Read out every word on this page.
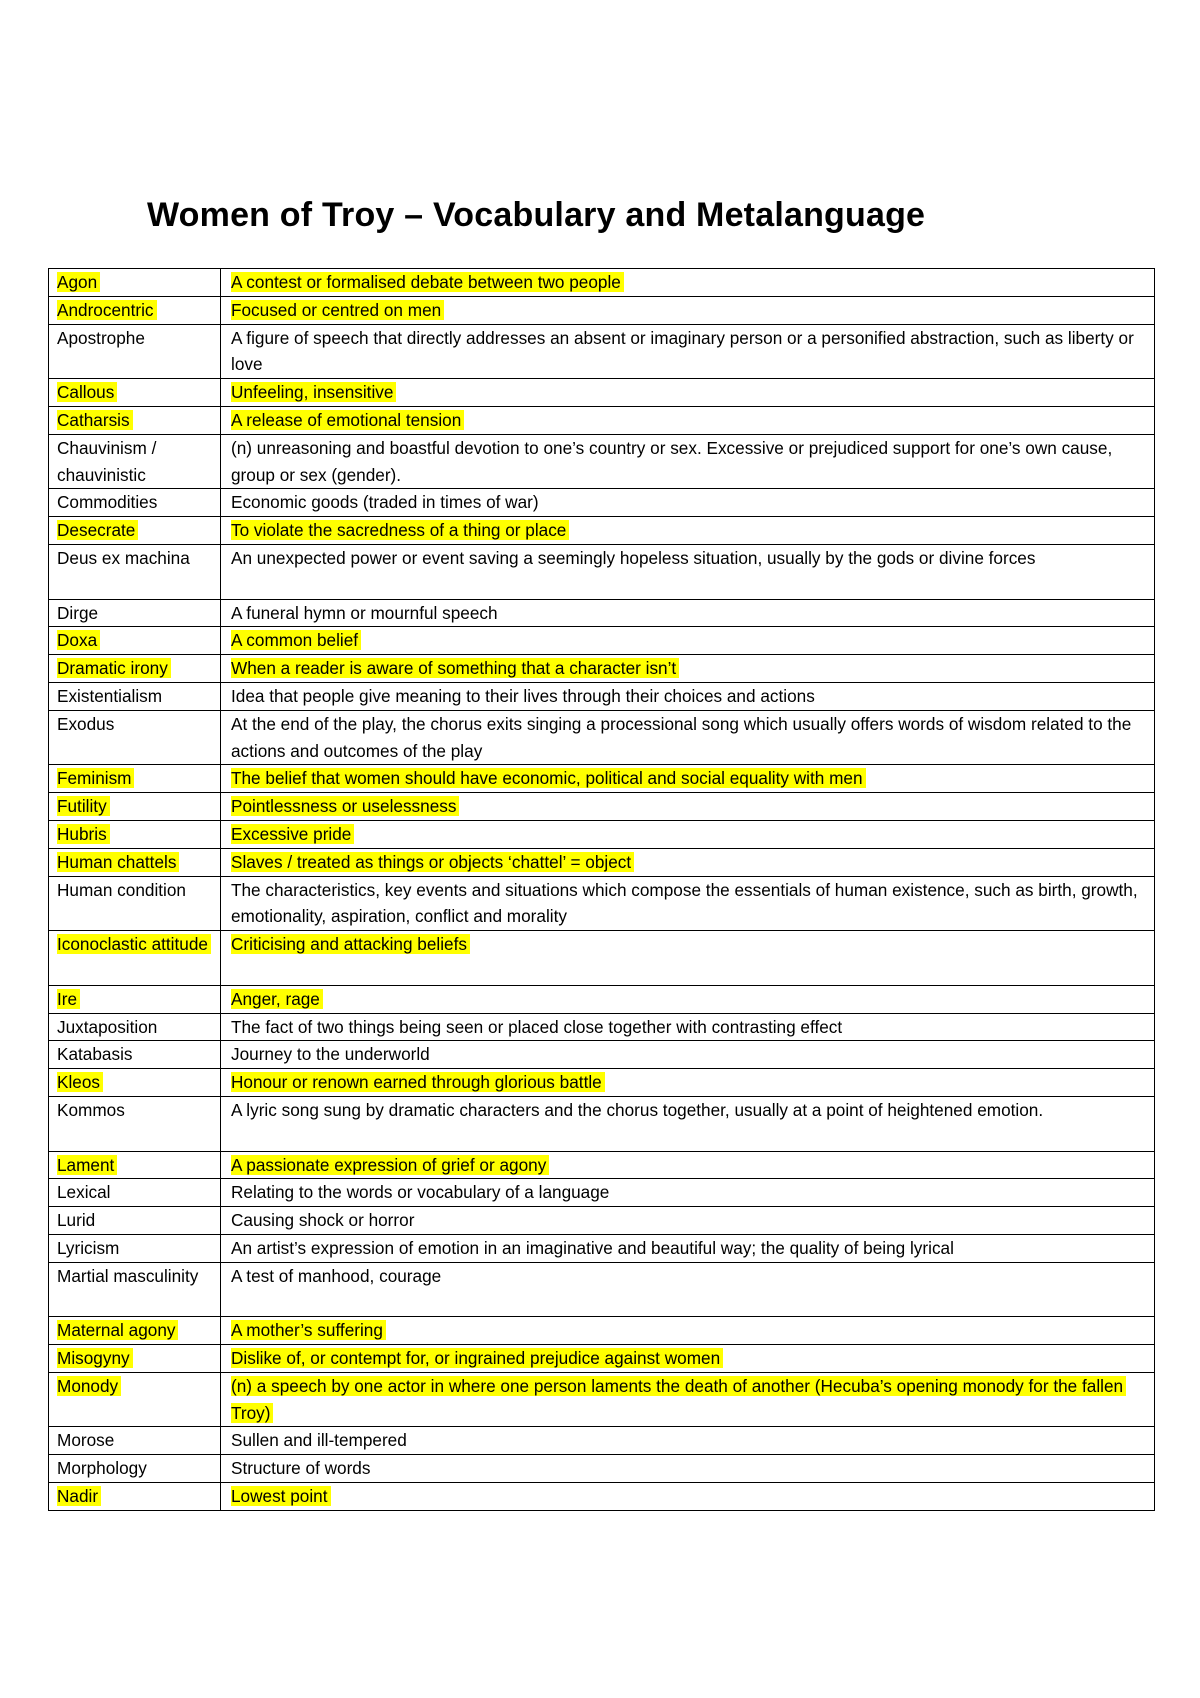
Women of Troy – Vocabulary and Metalanguage
Agon	A contest or formalised debate between two people
Androcentric	Focused or centred on men
Apostrophe	A figure of speech that directly addresses an absent or imaginary person or a personified abstraction, such as liberty or love
Callous	Unfeeling, insensitive
Catharsis	A release of emotional tension
Chauvinism / chauvinistic	(n) unreasoning and boastful devotion to one’s country or sex. Excessive or prejudiced support for one’s own cause, group or sex (gender).
Commodities	Economic goods (traded in times of war)
Desecrate	To violate the sacredness of a thing or place
Deus ex machina	An unexpected power or event saving a seemingly hopeless situation, usually by the gods or divine forces
Dirge	A funeral hymn or mournful speech
Doxa	A common belief
Dramatic irony	When a reader is aware of something that a character isn’t
Existentialism	Idea that people give meaning to their lives through their choices and actions
Exodus	At the end of the play, the chorus exits singing a processional song which usually offers words of wisdom related to the actions and outcomes of the play
Feminism	The belief that women should have economic, political and social equality with men
Futility	Pointlessness or uselessness
Hubris	Excessive pride
Human chattels	Slaves / treated as things or objects ‘chattel’ = object
Human condition	The characteristics, key events and situations which compose the essentials of human existence, such as birth, growth, emotionality, aspiration, conflict and morality
Iconoclastic attitude	Criticising and attacking beliefs
Ire	Anger, rage
Juxtaposition	The fact of two things being seen or placed close together with contrasting effect
Katabasis	Journey to the underworld
Kleos	Honour or renown earned through glorious battle
Kommos	A lyric song sung by dramatic characters and the chorus together, usually at a point of heightened emotion.
Lament	A passionate expression of grief or agony
Lexical	Relating to the words or vocabulary of a language
Lurid	Causing shock or horror
Lyricism	An artist’s expression of emotion in an imaginative and beautiful way; the quality of being lyrical
Martial masculinity	A test of manhood, courage
Maternal agony	A mother’s suffering
Misogyny	Dislike of, or contempt for, or ingrained prejudice against women
Monody	(n) a speech by one actor in where one person laments the death of another (Hecuba’s opening monody for the fallen Troy)
Morose	Sullen and ill-tempered
Morphology	Structure of words
Nadir	Lowest point
